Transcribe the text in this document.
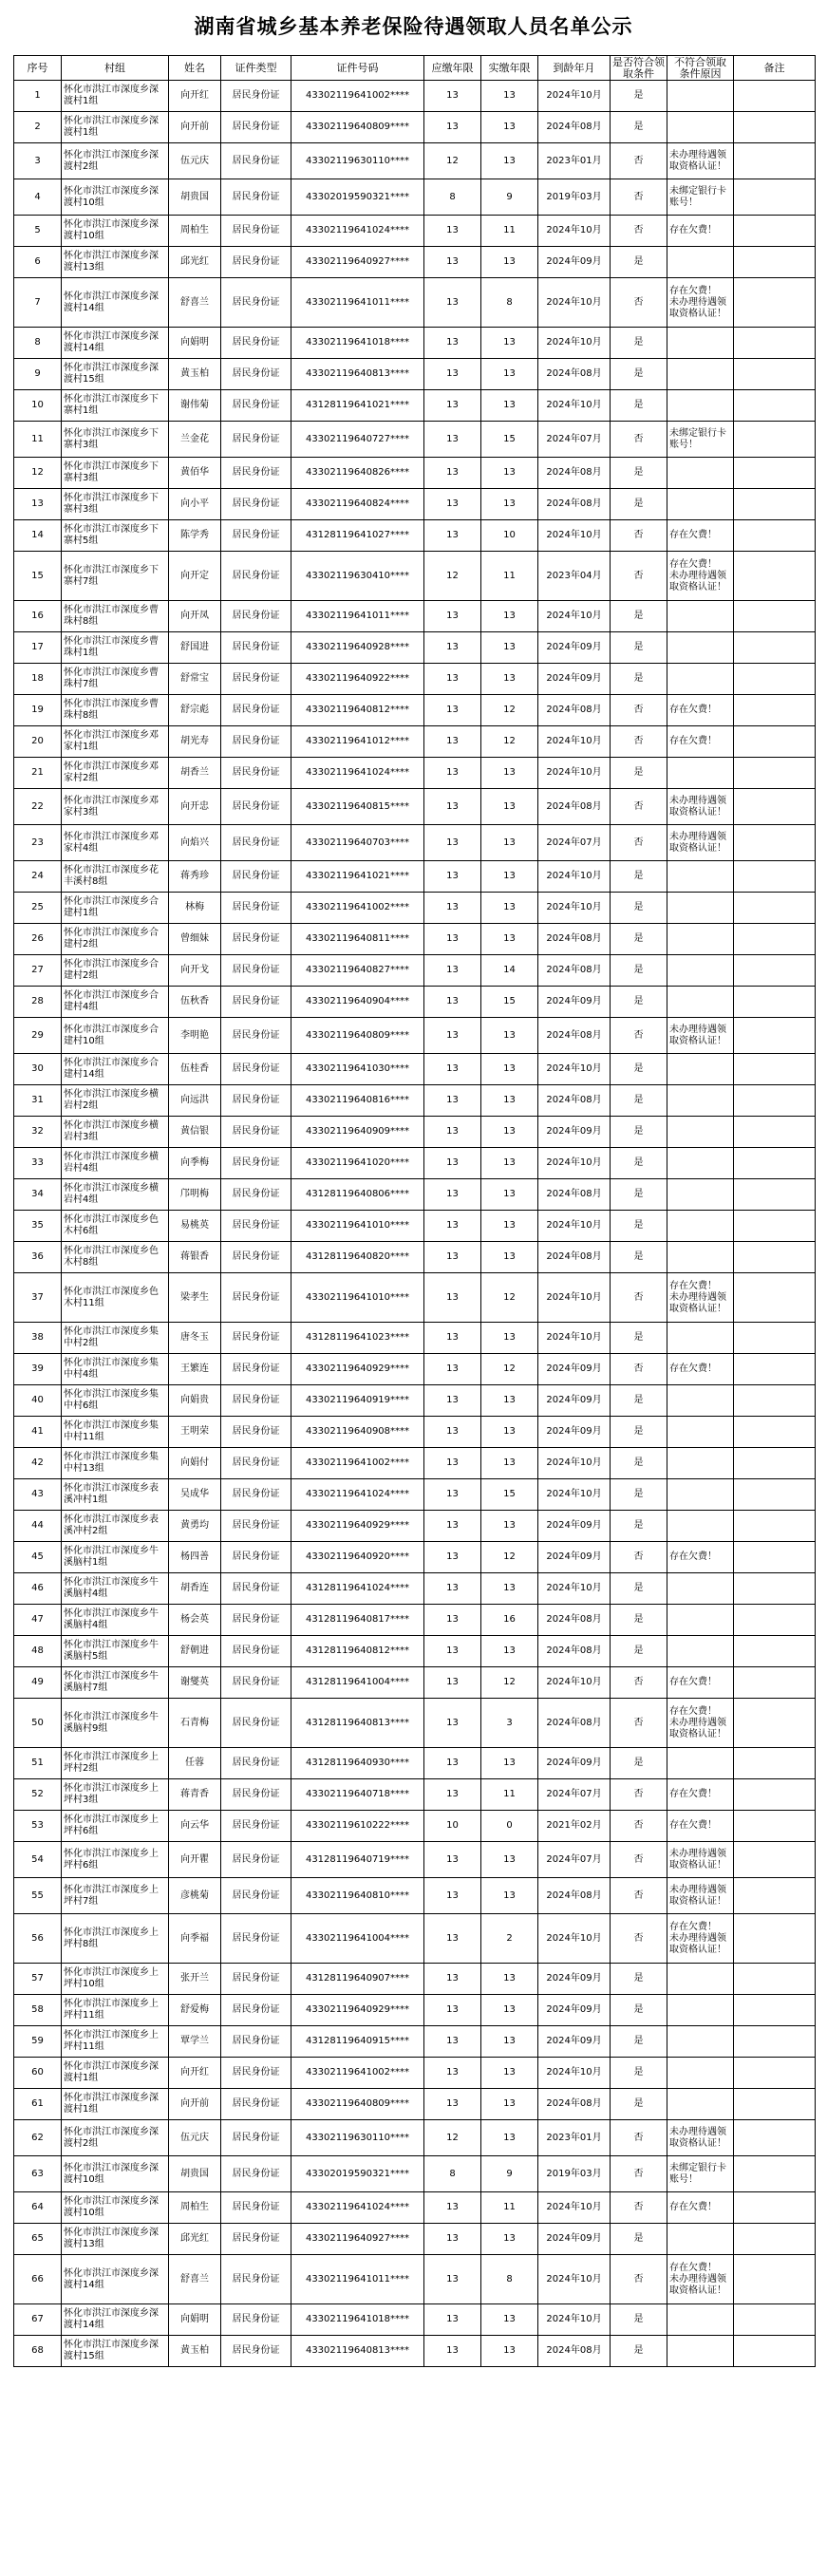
湖南省城乡基本养老保险待遇领取人员名单公示
序号	村组	姓名	证件类型	证件号码	应缴年限	实缴年限	到龄年月	是否符合领取条件	不符合领取条件原因	备注
1	怀化市洪江市深度乡深渡村1组	向开红	居民身份证	43302119641002****	13	13	2024年10月	是		
2	怀化市洪江市深度乡深渡村1组	向开前	居民身份证	43302119640809****	13	13	2024年08月	是		
3	怀化市洪江市深度乡深渡村2组	伍元庆	居民身份证	43302119630110****	12	13	2023年01月	否	未办理待遇领取资格认证！	
4	怀化市洪江市深度乡深渡村10组	胡贵国	居民身份证	43302019590321****	8	9	2019年03月	否	未绑定银行卡账号！	
5	怀化市洪江市深度乡深渡村10组	周柏生	居民身份证	43302119641024****	13	11	2024年10月	否	存在欠费！	
6	怀化市洪江市深度乡深渡村13组	邱光红	居民身份证	43302119640927****	13	13	2024年09月	是		
7	怀化市洪江市深度乡深渡村14组	舒喜兰	居民身份证	43302119641011****	13	8	2024年10月	否	存在欠费！
未办理待遇领取资格认证！	
8	怀化市洪江市深度乡深渡村14组	向娟明	居民身份证	43302119641018****	13	13	2024年10月	是		
9	怀化市洪江市深度乡深渡村15组	黄玉柏	居民身份证	43302119640813****	13	13	2024年08月	是		
10	怀化市洪江市深度乡下寨村1组	谢伟菊	居民身份证	43128119641021****	13	13	2024年10月	是		
11	怀化市洪江市深度乡下寨村3组	兰金花	居民身份证	43302119640727****	13	15	2024年07月	否	未绑定银行卡账号！	
12	怀化市洪江市深度乡下寨村3组	黄佰华	居民身份证	43302119640826****	13	13	2024年08月	是		
13	怀化市洪江市深度乡下寨村3组	向小平	居民身份证	43302119640824****	13	13	2024年08月	是		
14	怀化市洪江市深度乡下寨村5组	陈学秀	居民身份证	43128119641027****	13	10	2024年10月	否	存在欠费！	
15	怀化市洪江市深度乡下寨村7组	向开定	居民身份证	43302119630410****	12	11	2023年04月	否	存在欠费！
未办理待遇领取资格认证！	
16	怀化市洪江市深度乡曹珠村8组	向开凤	居民身份证	43302119641011****	13	13	2024年10月	是		
17	怀化市洪江市深度乡曹珠村1组	舒国进	居民身份证	43302119640928****	13	13	2024年09月	是		
18	怀化市洪江市深度乡曹珠村7组	舒常宝	居民身份证	43302119640922****	13	13	2024年09月	是		
19	怀化市洪江市深度乡曹珠村8组	舒宗彪	居民身份证	43302119640812****	13	12	2024年08月	否	存在欠费！	
20	怀化市洪江市深度乡邓家村1组	胡光寿	居民身份证	43302119641012****	13	12	2024年10月	否	存在欠费！	
21	怀化市洪江市深度乡邓家村2组	胡香兰	居民身份证	43302119641024****	13	13	2024年10月	是		
22	怀化市洪江市深度乡邓家村3组	向开忠	居民身份证	43302119640815****	13	13	2024年08月	否	未办理待遇领取资格认证！	
23	怀化市洪江市深度乡邓家村4组	向焰兴	居民身份证	43302119640703****	13	13	2024年07月	否	未办理待遇领取资格认证！	
24	怀化市洪江市深度乡花丰溪村8组	蒋秀珍	居民身份证	43302119641021****	13	13	2024年10月	是		
25	怀化市洪江市深度乡合建村1组	林梅	居民身份证	43302119641002****	13	13	2024年10月	是		
26	怀化市洪江市深度乡合建村2组	曾细妹	居民身份证	43302119640811****	13	13	2024年08月	是		
27	怀化市洪江市深度乡合建村2组	向开戈	居民身份证	43302119640827****	13	14	2024年08月	是		
28	怀化市洪江市深度乡合建村4组	伍秋香	居民身份证	43302119640904****	13	15	2024年09月	是		
29	怀化市洪江市深度乡合建村10组	李明艳	居民身份证	43302119640809****	13	13	2024年08月	否	未办理待遇领取资格认证！	
30	怀化市洪江市深度乡合建村14组	伍桂香	居民身份证	43302119641030****	13	13	2024年10月	是		
31	怀化市洪江市深度乡横岩村2组	向远洪	居民身份证	43302119640816****	13	13	2024年08月	是		
32	怀化市洪江市深度乡横岩村3组	黄信银	居民身份证	43302119640909****	13	13	2024年09月	是		
33	怀化市洪江市深度乡横岩村4组	向季梅	居民身份证	43302119641020****	13	13	2024年10月	是		
34	怀化市洪江市深度乡横岩村4组	邝明梅	居民身份证	43128119640806****	13	13	2024年08月	是		
35	怀化市洪江市深度乡色木村6组	易桃英	居民身份证	43302119641010****	13	13	2024年10月	是		
36	怀化市洪江市深度乡色木村8组	蒋银香	居民身份证	43128119640820****	13	13	2024年08月	是		
37	怀化市洪江市深度乡色木村11组	梁孝生	居民身份证	43302119641010****	13	12	2024年10月	否	存在欠费！
未办理待遇领取资格认证！	
38	怀化市洪江市深度乡集中村2组	唐冬玉	居民身份证	43128119641023****	13	13	2024年10月	是		
39	怀化市洪江市深度乡集中村4组	王繁连	居民身份证	43302119640929****	13	12	2024年09月	否	存在欠费！	
40	怀化市洪江市深度乡集中村6组	向娟贵	居民身份证	43302119640919****	13	13	2024年09月	是		
41	怀化市洪江市深度乡集中村11组	王明荣	居民身份证	43302119640908****	13	13	2024年09月	是		
42	怀化市洪江市深度乡集中村13组	向娟付	居民身份证	43302119641002****	13	13	2024年10月	是		
43	怀化市洪江市深度乡表溪冲村1组	吴成华	居民身份证	43302119641024****	13	15	2024年10月	是		
44	怀化市洪江市深度乡表溪冲村2组	黄勇均	居民身份证	43302119640929****	13	13	2024年09月	是		
45	怀化市洪江市深度乡牛溪脑村1组	杨四善	居民身份证	43302119640920****	13	12	2024年09月	否	存在欠费！	
46	怀化市洪江市深度乡牛溪脑村4组	胡香连	居民身份证	43128119641024****	13	13	2024年10月	是		
47	怀化市洪江市深度乡牛溪脑村4组	杨会英	居民身份证	43128119640817****	13	16	2024年08月	是		
48	怀化市洪江市深度乡牛溪脑村5组	舒朝进	居民身份证	43128119640812****	13	13	2024年08月	是		
49	怀化市洪江市深度乡牛溪脑村7组	谢燮英	居民身份证	43128119641004****	13	12	2024年10月	否	存在欠费！	
50	怀化市洪江市深度乡牛溪脑村9组	石青梅	居民身份证	43128119640813****	13	3	2024年08月	否	存在欠费！
未办理待遇领取资格认证！	
51	怀化市洪江市深度乡上坪村2组	任蓉	居民身份证	43128119640930****	13	13	2024年09月	是		
52	怀化市洪江市深度乡上坪村3组	蒋青香	居民身份证	43302119640718****	13	11	2024年07月	否	存在欠费！	
53	怀化市洪江市深度乡上坪村6组	向云华	居民身份证	43302119610222****	10	0	2021年02月	否	存在欠费！	
54	怀化市洪江市深度乡上坪村6组	向开瞿	居民身份证	43128119640719****	13	13	2024年07月	否	未办理待遇领取资格认证！	
55	怀化市洪江市深度乡上坪村7组	彦桃菊	居民身份证	43302119640810****	13	13	2024年08月	否	未办理待遇领取资格认证！	
56	怀化市洪江市深度乡上坪村8组	向季福	居民身份证	43302119641004****	13	2	2024年10月	否	存在欠费！
未办理待遇领取资格认证！	
57	怀化市洪江市深度乡上坪村10组	张开兰	居民身份证	43128119640907****	13	13	2024年09月	是		
58	怀化市洪江市深度乡上坪村11组	舒爱梅	居民身份证	43302119640929****	13	13	2024年09月	是		
59	怀化市洪江市深度乡上坪村11组	覃学兰	居民身份证	43128119640915****	13	13	2024年09月	是		
60	怀化市洪江市深度乡深渡村1组	向开红	居民身份证	43302119641002****	13	13	2024年10月	是		
61	怀化市洪江市深度乡深渡村1组	向开前	居民身份证	43302119640809****	13	13	2024年08月	是		
62	怀化市洪江市深度乡深渡村2组	伍元庆	居民身份证	43302119630110****	12	13	2023年01月	否	未办理待遇领取资格认证！	
63	怀化市洪江市深度乡深渡村10组	胡贵国	居民身份证	43302019590321****	8	9	2019年03月	否	未绑定银行卡账号！	
64	怀化市洪江市深度乡深渡村10组	周柏生	居民身份证	43302119641024****	13	11	2024年10月	否	存在欠费！	
65	怀化市洪江市深度乡深渡村13组	邱光红	居民身份证	43302119640927****	13	13	2024年09月	是		
66	怀化市洪江市深度乡深渡村14组	舒喜兰	居民身份证	43302119641011****	13	8	2024年10月	否	存在欠费！
未办理待遇领取资格认证！	
67	怀化市洪江市深度乡深渡村14组	向娟明	居民身份证	43302119641018****	13	13	2024年10月	是		
68	怀化市洪江市深度乡深渡村15组	黄玉柏	居民身份证	43302119640813****	13	13	2024年08月	是		
